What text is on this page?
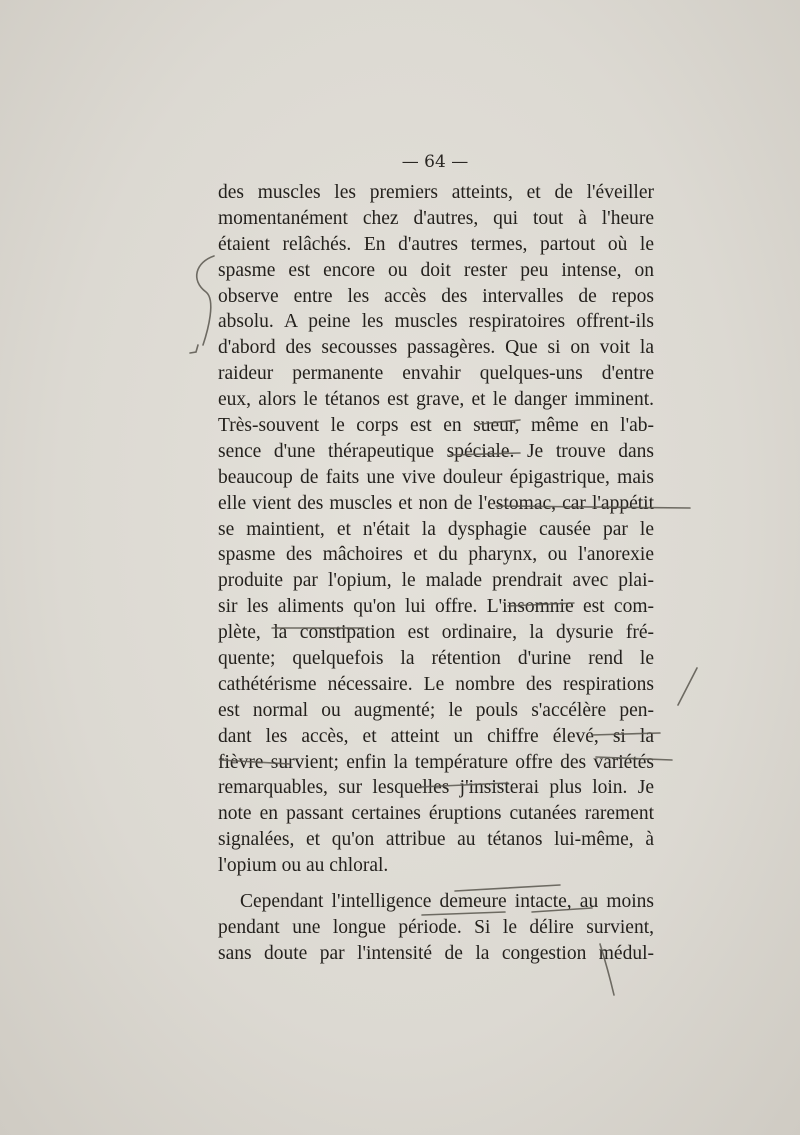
— 64 —
des muscles les premiers atteints, et de l'éveiller
momentanément chez d'autres, qui tout à l'heure
étaient relâchés. En d'autres termes, partout où le
spasme est encore ou doit rester peu intense, on
observe entre les accès des intervalles de repos
absolu. A peine les muscles respiratoires offrent-ils
d'abord des secousses passagères. Que si on voit la
raideur permanente envahir quelques-uns d'entre
eux, alors le tétanos est grave, et le danger imminent.
Très-souvent le corps est en sueur, même en l'ab-
sence d'une thérapeutique spéciale. Je trouve dans
beaucoup de faits une vive douleur épigastrique, mais
elle vient des muscles et non de l'estomac, car l'appétit
se maintient, et n'était la dysphagie causée par le
spasme des mâchoires et du pharynx, ou l'anorexie
produite par l'opium, le malade prendrait avec plai-
sir les aliments qu'on lui offre. L'insomnie est com-
plète, la constipation est ordinaire, la dysurie fré-
quente; quelquefois la rétention d'urine rend le
cathétérisme nécessaire. Le nombre des respirations
est normal ou augmenté; le pouls s'accélère pen-
dant les accès, et atteint un chiffre élevé, si la
fièvre survient; enfin la température offre des variétés
remarquables, sur lesquelles j'insisterai plus loin. Je
note en passant certaines éruptions cutanées rarement
signalées, et qu'on attribue au tétanos lui-même, à
l'opium ou au chloral.
Cependant l'intelligence demeure intacte, au moins
pendant une longue période. Si le délire survient,
sans doute par l'intensité de la congestion médul-
